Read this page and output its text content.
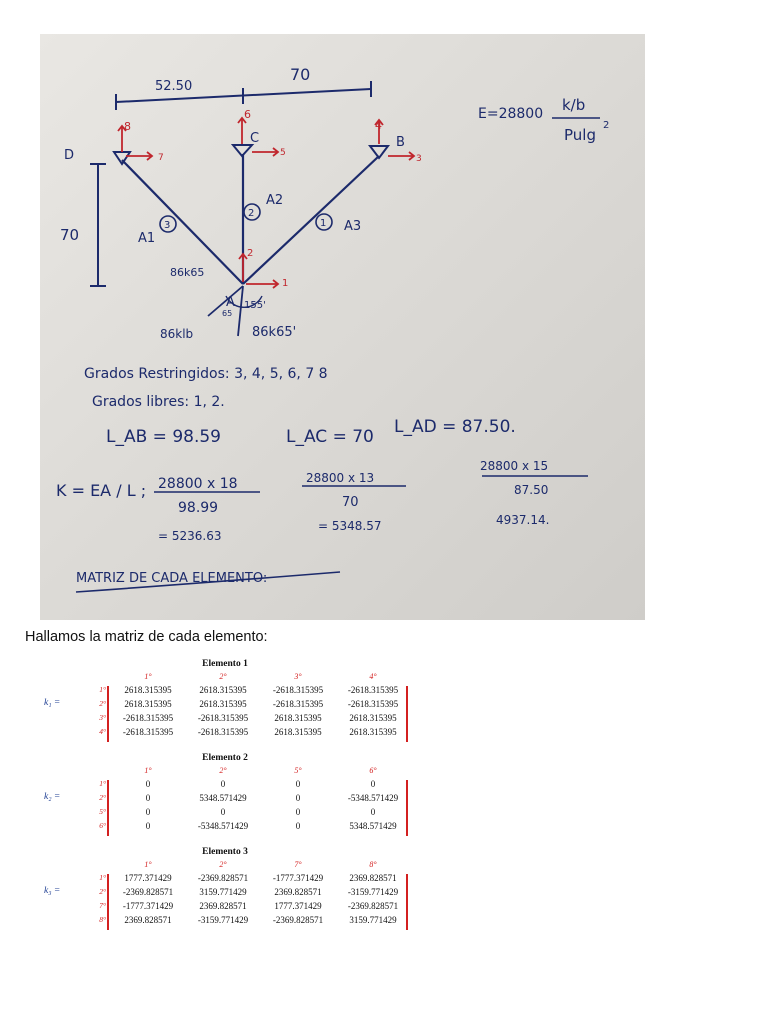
52.50
70
70
D
C	B
A
8
7
6
5
4
3
2
1
3
2
1
A1
A2
A3
86k65
155'
65
86klb	86k65'
E=28800 k/b
Pulg
2
Grados Restringidos: 3, 4, 5, 6, 7 8
Grados libres: 1, 2.
L_AB = 98.59	L_AC = 70 L_AD = 87.50.
K = EA / L ; 28800 x 18
98.99
28800 x 13
70
28800 x 15
87.50
= 5236.63
= 5348.57	4937.14.
MATRIZ DE CADA ELEMENTO:

Hallamos la matriz de cada elemento:

Elemento 1
1°	2°	3°	4°
1°
2°
3°
4°
k₁ =
2618.315395	2618.315395	-2618.315395	-2618.315395
2618.315395	2618.315395	-2618.315395	-2618.315395
-2618.315395	-2618.315395	2618.315395	2618.315395
-2618.315395	-2618.315395	2618.315395	2618.315395
Elemento 2
1°	2°	5°	6°
1°
2°
5°
6°
k₂ =
0	0	0	0
0	5348.571429	0	-5348.571429
0	0	0	0
0	-5348.571429	0	5348.571429
Elemento 3
1°	2°	7°	8°
1°
2°
7°
8°
k₃ =
1777.371429	-2369.828571	-1777.371429	2369.828571
-2369.828571	3159.771429	2369.828571	-3159.771429
-1777.371429	2369.828571	1777.371429	-2369.828571
2369.828571	-3159.771429	-2369.828571	3159.771429
